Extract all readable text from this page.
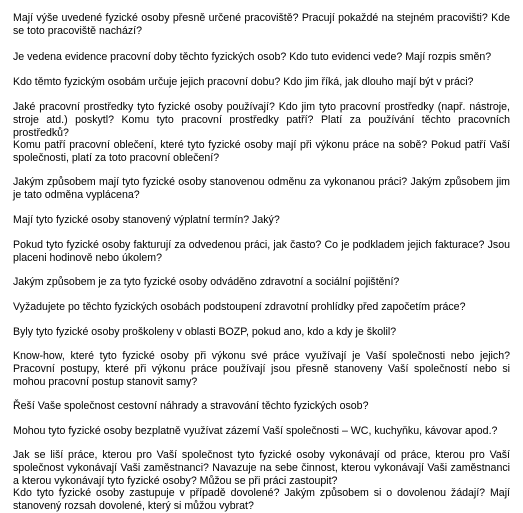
Mají výše uvedené fyzické osoby přesně určené pracoviště? Pracují pokaždé na stejném pracovišti? Kde se toto pracoviště nachází?

Je vedena evidence pracovní doby těchto fyzických osob? Kdo tuto evidenci vede? Mají rozpis směn?

Kdo těmto fyzickým osobám určuje jejich pracovní dobu? Kdo jim říká, jak dlouho mají být v práci?

Jaké pracovní prostředky tyto fyzické osoby používají? Kdo jim tyto pracovní prostředky (např. nástroje, stroje atd.) poskytl? Komu tyto pracovní prostředky patří? Platí za používání těchto pracovních prostředků?

Komu patří pracovní oblečení, které tyto fyzické osoby mají při výkonu práce na sobě? Pokud patří Vaší společnosti, platí za toto pracovní oblečení?

Jakým způsobem mají tyto fyzické osoby stanovenou odměnu za vykonanou práci? Jakým způsobem jim je tato odměna vyplácena?

Mají tyto fyzické osoby stanovený výplatní termín? Jaký?

Pokud tyto fyzické osoby fakturují za odvedenou práci, jak často? Co je podkladem jejich fakturace? Jsou placeni hodinově nebo úkolem?

Jakým způsobem je za tyto fyzické osoby odváděno zdravotní a sociální pojištění?

Vyžadujete po těchto fyzických osobách podstoupení zdravotní prohlídky před započetím práce?

Byly tyto fyzické osoby proškoleny v oblasti BOZP, pokud ano, kdo a kdy je školil?

Know-how, které tyto fyzické osoby při výkonu své práce využívají je Vaší společnosti nebo jejich? Pracovní postupy, které při výkonu práce používají jsou přesně stanoveny Vaší společností nebo si mohou pracovní postup stanovit samy?

Řeší Vaše společnost cestovní náhrady a stravování těchto fyzických osob?

Mohou tyto fyzické osoby bezplatně využívat zázemí Vaší společnosti – WC, kuchyňku, kávovar apod.?

Jak se liší práce, kterou pro Vaší společnost tyto fyzické osoby vykonávají od práce, kterou pro Vaší společnost vykonávají Vaši zaměstnanci? Navazuje na sebe činnost, kterou vykonávají Vaši zaměstnanci a kterou vykonávají tyto fyzické osoby? Můžou se při práci zastoupit?

Kdo tyto fyzické osoby zastupuje v případě dovolené? Jakým způsobem si o dovolenou žádají? Mají stanovený rozsah dovolené, který si můžou vybrat?
